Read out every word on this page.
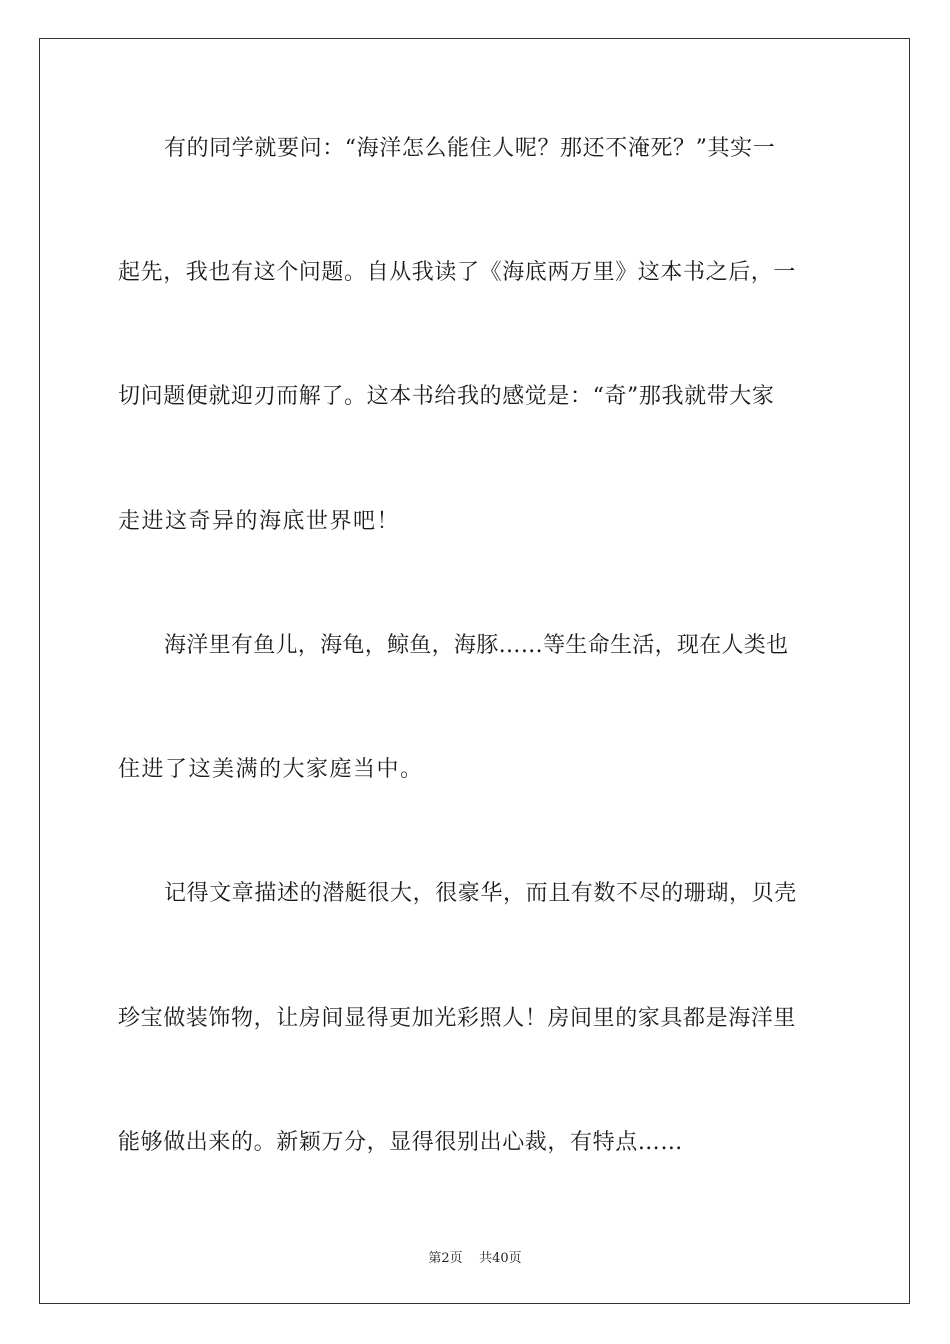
有的同学就要问：“海洋怎么能住人呢？那还不淹死？”其实一
起先，我也有这个问题。自从我读了《海底两万里》这本书之后，一
切问题便就迎刃而解了。这本书给我的感觉是：“奇”那我就带大家
走进这奇异的海底世界吧！
海洋里有鱼儿，海龟，鲸鱼，海豚……等生命生活，现在人类也
住进了这美满的大家庭当中。
记得文章描述的潜艇很大，很豪华，而且有数不尽的珊瑚，贝壳
珍宝做装饰物，让房间显得更加光彩照人！房间里的家具都是海洋里
能够做出来的。新颖万分，显得很别出心裁，有特点……
第2页 共40页
